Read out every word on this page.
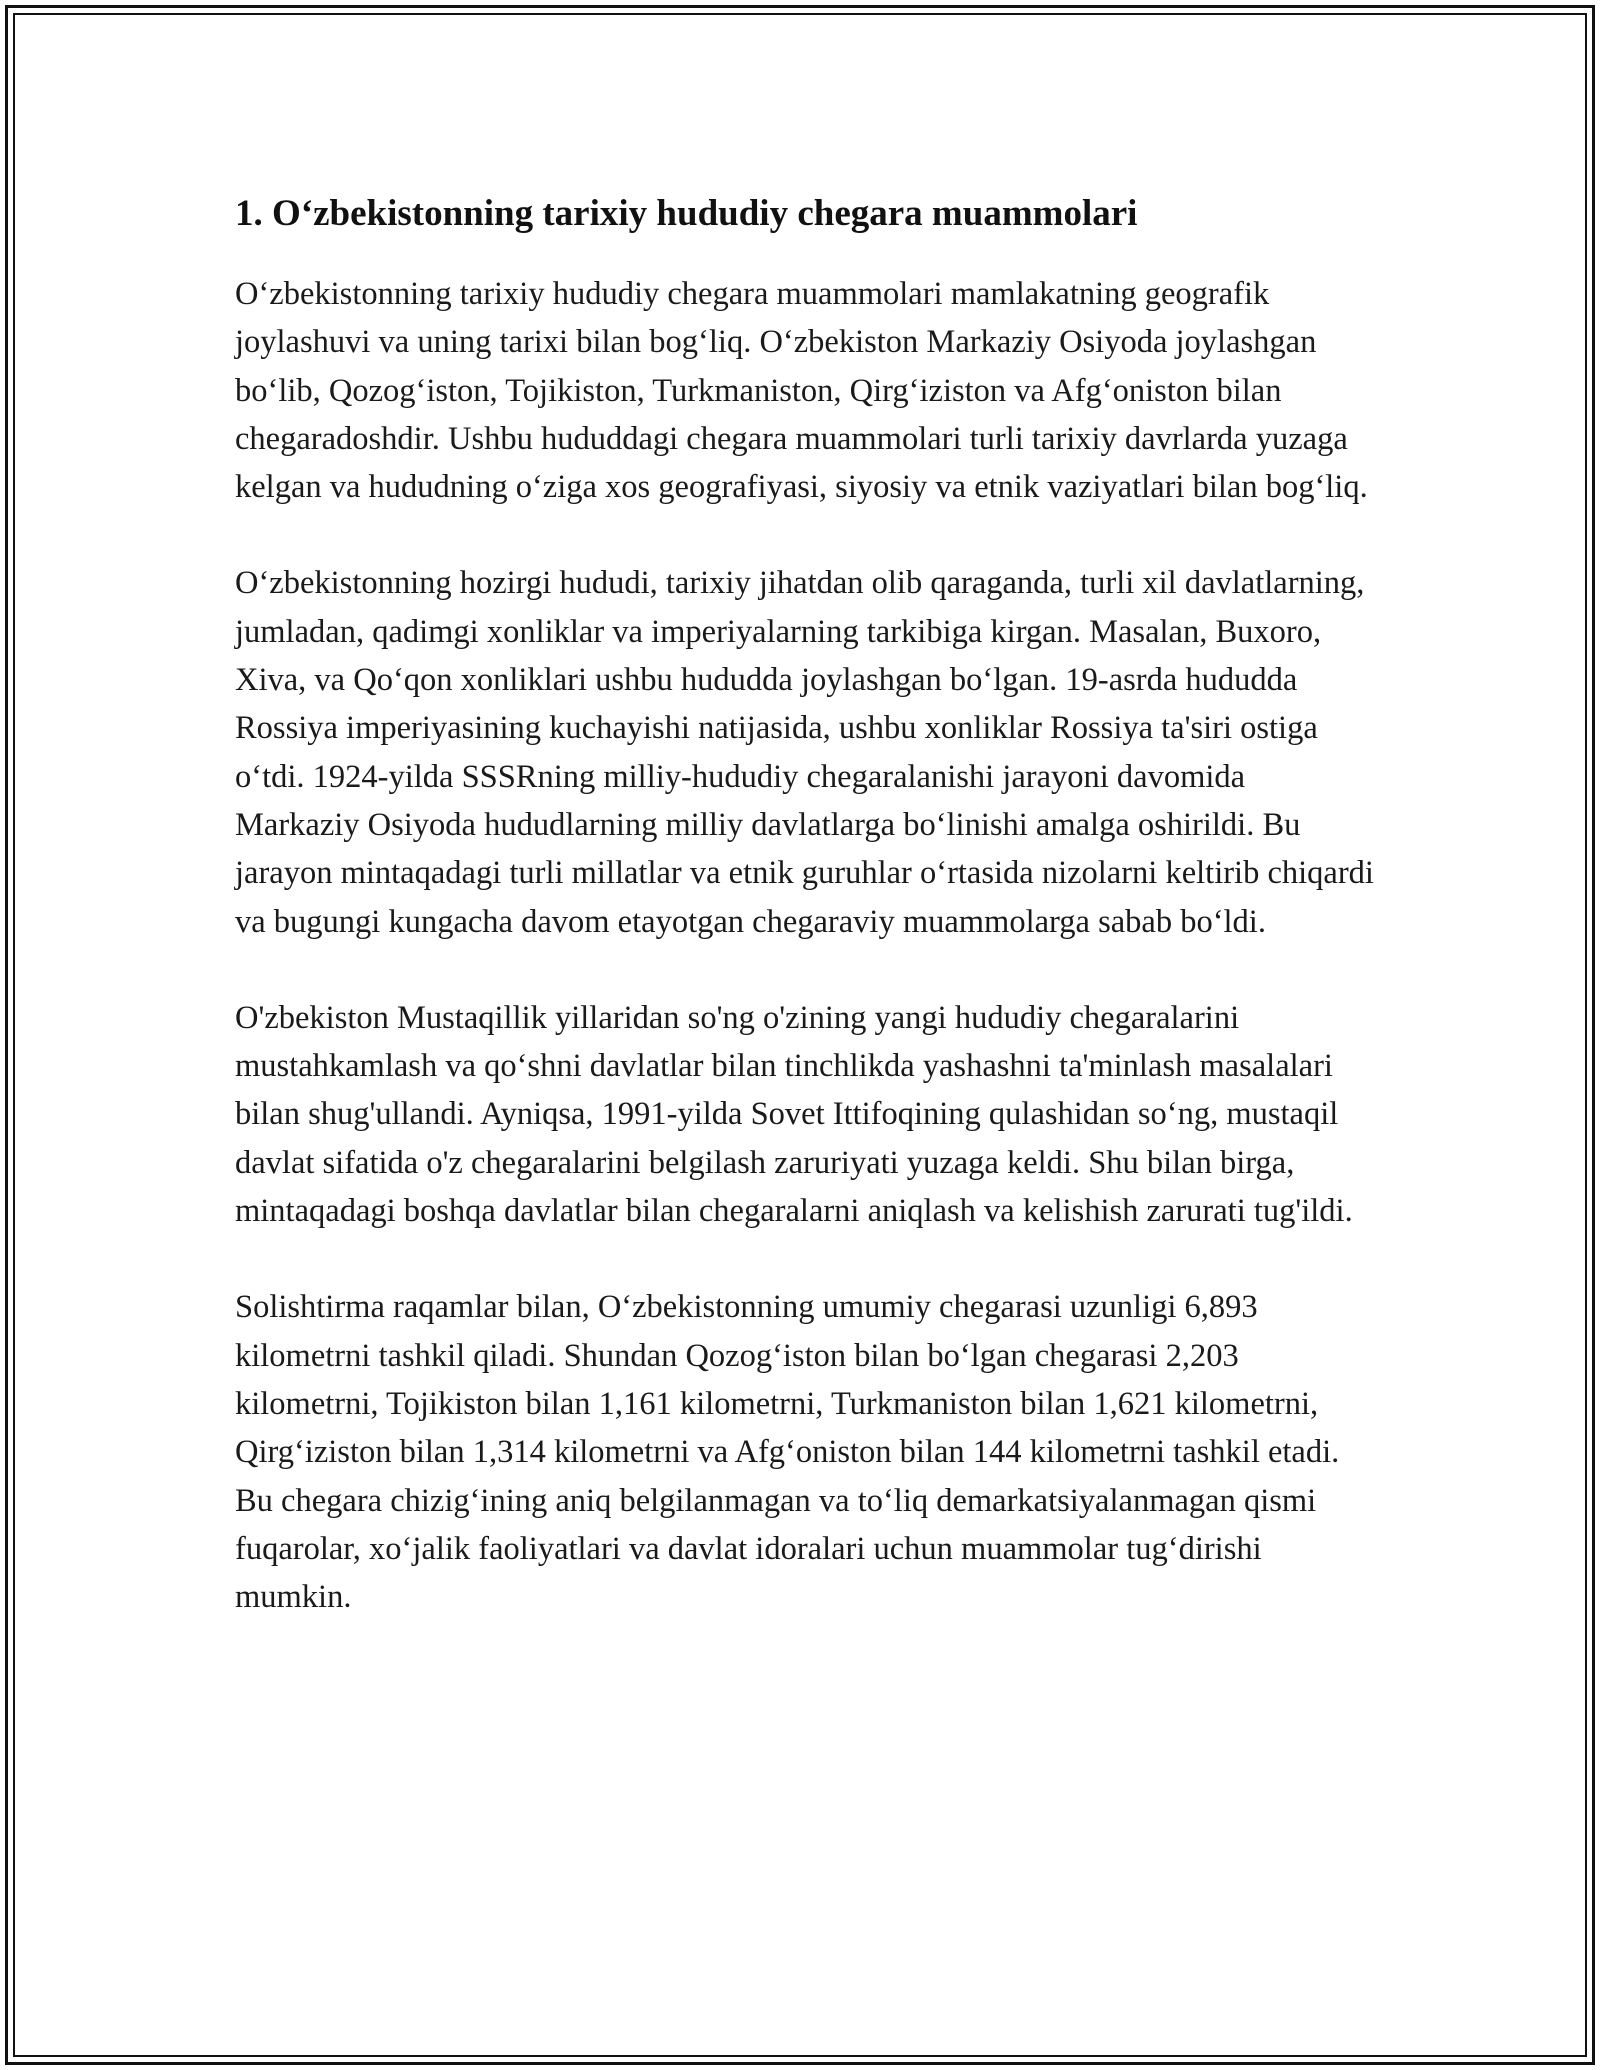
1. O‘zbekistonning tarixiy hududiy chegara muammolari

O‘zbekistonning tarixiy hududiy chegara muammolari mamlakatning geografik joylashuvi va uning tarixi bilan bog‘liq. O‘zbekiston Markaziy Osiyoda joylashgan bo‘lib, Qozog‘iston, Tojikiston, Turkmaniston, Qirg‘iziston va Afg‘oniston bilan chegaradoshdir. Ushbu hududdagi chegara muammolari turli tarixiy davrlarda yuzaga kelgan va hududning o‘ziga xos geografiyasi, siyosiy va etnik vaziyatlari bilan bog‘liq.

O‘zbekistonning hozirgi hududi, tarixiy jihatdan olib qaraganda, turli xil davlatlarning, jumladan, qadimgi xonliklar va imperiyalarning tarkibiga kirgan. Masalan, Buxoro, Xiva, va Qo‘qon xonliklari ushbu hududda joylashgan bo‘lgan. 19-asrda hududda Rossiya imperiyasining kuchayishi natijasida, ushbu xonliklar Rossiya ta'siri ostiga o‘tdi. 1924-yilda SSSRning milliy-hududiy chegaralanishi jarayoni davomida Markaziy Osiyoda hududlarning milliy davlatlarga bo‘linishi amalga oshirildi. Bu jarayon mintaqadagi turli millatlar va etnik guruhlar o‘rtasida nizolarni keltirib chiqardi va bugungi kungacha davom etayotgan chegaraviy muammolarga sabab bo‘ldi.

O'zbekiston Mustaqillik yillaridan so'ng o'zining yangi hududiy chegaralarini mustahkamlash va qo‘shni davlatlar bilan tinchlikda yashashni ta'minlash masalalari bilan shug'ullandi. Ayniqsa, 1991-yilda Sovet Ittifoqining qulashidan so‘ng, mustaqil davlat sifatida o'z chegaralarini belgilash zaruriyati yuzaga keldi. Shu bilan birga, mintaqadagi boshqa davlatlar bilan chegaralarni aniqlash va kelishish zarurati tug'ildi.

Solishtirma raqamlar bilan, O‘zbekistonning umumiy chegarasi uzunligi 6,893 kilometrni tashkil qiladi. Shundan Qozog‘iston bilan bo‘lgan chegarasi 2,203 kilometrni, Tojikiston bilan 1,161 kilometrni, Turkmaniston bilan 1,621 kilometrni, Qirg‘iziston bilan 1,314 kilometrni va Afg‘oniston bilan 144 kilometrni tashkil etadi. Bu chegara chizig‘ining aniq belgilanmagan va to‘liq demarkatsiyalanmagan qismi fuqarolar, xo‘jalik faoliyatlari va davlat idoralari uchun muammolar tug‘dirishi mumkin.
